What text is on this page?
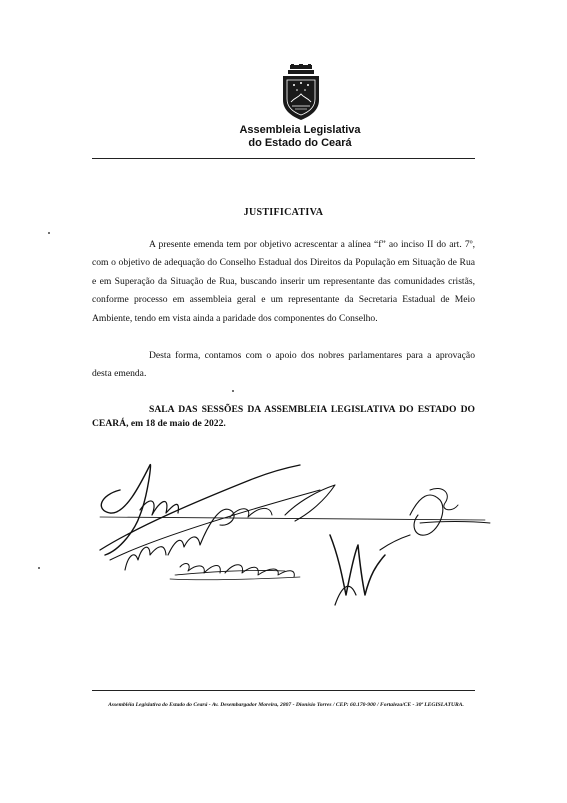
Assembleia Legislativa
do Estado do Ceará
JUSTIFICATIVA

A presente emenda tem por objetivo acrescentar a alínea “f” ao inciso II do art. 7º, com o objetivo de adequação do Conselho Estadual dos Direitos da População em Situação de Rua e em Superação da Situação de Rua, buscando inserir um representante das comunidades cristãs, conforme processo em assembleia geral e um representante da Secretaria Estadual de Meio Ambiente, tendo em vista ainda a paridade dos componentes do Conselho.

Desta forma, contamos com o apoio dos nobres parlamentares para a aprovação desta emenda.

SALA DAS SESSÕES DA ASSEMBLEIA LEGISLATIVA DO ESTADO DO CEARÁ, em 18 de maio de 2022.

Assembléia Legislativa do Estado do Ceará - Av. Desembargador Moreira, 2807 - Dionísio Torres / CEP: 60.170-900 / Fortaleza/CE - 30ª LEGISLATURA.
